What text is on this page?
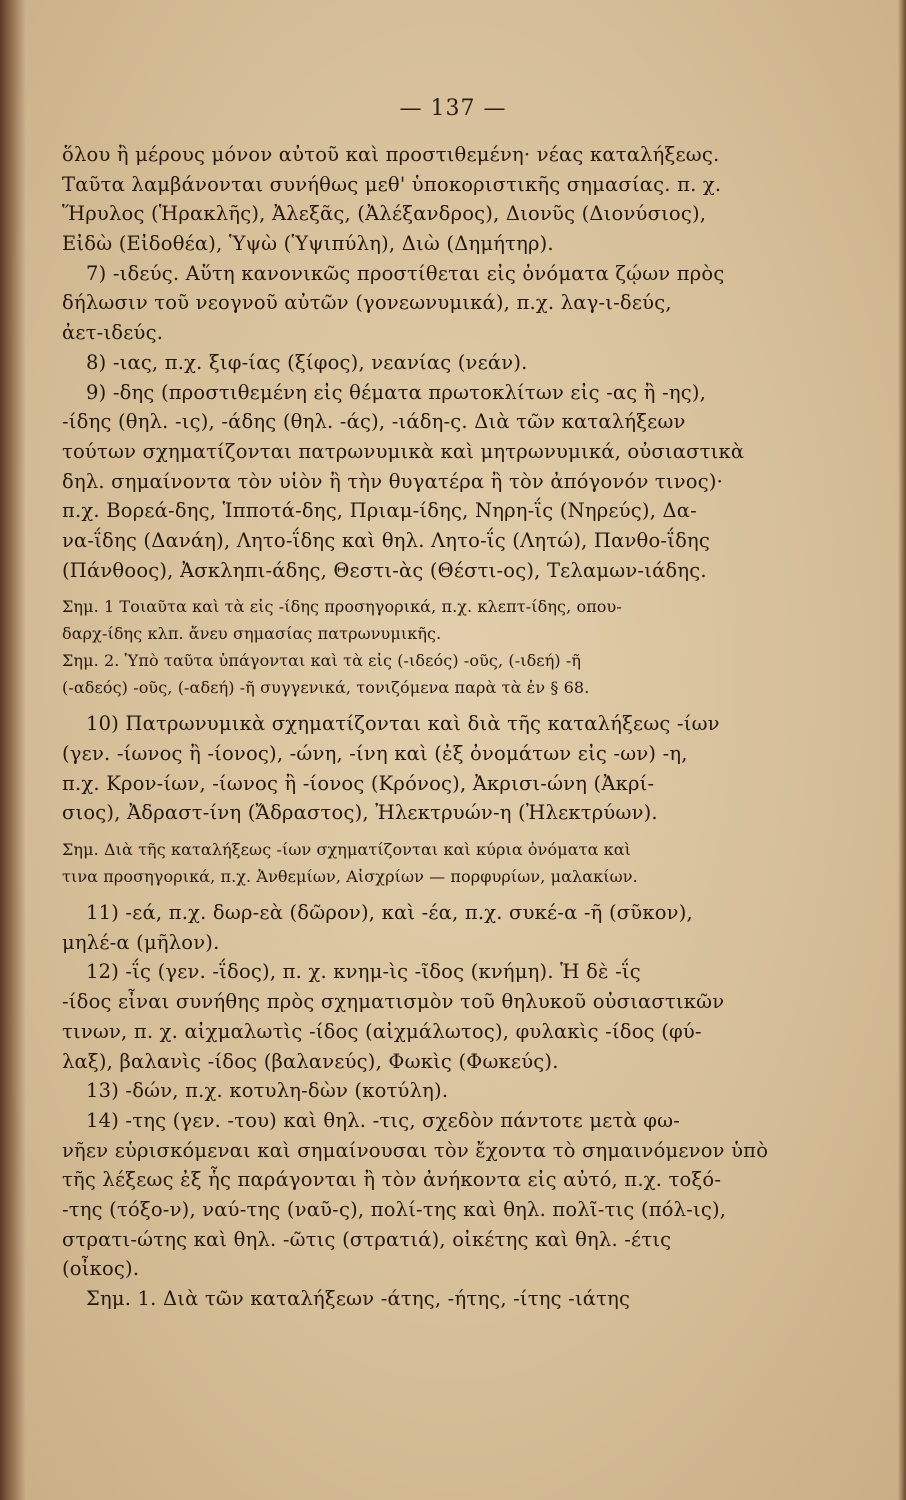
— 137 —
ὅλου ἢ μέρους μόνον αὐτοῦ καὶ προστιθεμένη· νέας καταλήξεως.
Ταῦτα λαμβάνονται συνήθως μεθ' ὑποκοριστικῆς σημασίας. π. χ.
Ἥρυλος (Ἡρακλῆς), Ἀλεξᾶς, (Ἀλέξανδρος), Διονῦς (Διονύσιος),
Εἰδὼ (Εἰδοθέα), Ὑψὼ (Ὑψιπύλη), Διὼ (Δημήτηρ).
7) -ιδεύς. Αὕτη κανονικῶς προστίθεται εἰς ὀνόματα ζῴων πρὸς
δήλωσιν τοῦ νεογνοῦ αὐτῶν (γονεωνυμικά), π.χ. λαγ-ι-δεύς,
ἀετ-ιδεύς.
8) -ιας, π.χ. ξιφ-ίας (ξίφος), νεανίας (νεάν).
9) -δης (προστιθεμένη εἰς θέματα πρωτοκλίτων εἰς -ας ἢ -ης),
-ίδης (θηλ. -ις), -άδης (θηλ. -άς), -ιάδη-ς. Διὰ τῶν καταλήξεων
τούτων σχηματίζονται πατρωνυμικὰ καὶ μητρωνυμικά, οὐσιαστικὰ
δηλ. σημαίνοντα τὸν υἱὸν ἢ τὴν θυγατέρα ἢ τὸν ἀπόγονόν τινος)·
π.χ. Βορεά-δης, Ἱπποτά-δης, Πριαμ-ίδης, Νηρη-ΐς (Νηρεύς), Δα-
να-ΐδης (Δανάη), Λητο-ΐδης καὶ θηλ. Λητο-ΐς (Λητώ), Πανθο-ΐδης
(Πάνθοος), Ἀσκληπι-άδης, Θεστι-ὰς (Θέστι-ος), Τελαμων-ιάδης.
Σημ. 1 Τοιαῦτα καὶ τὰ εἰς -ίδης προσηγορικά, π.χ. κλεπτ-ίδης, οπου-
δαρχ-ίδης κλπ. ἄνευ σημασίας πατρωνυμικῆς.
Σημ. 2. Ὑπὸ ταῦτα ὑπάγονται καὶ τὰ εἰς (-ιδεός) -οῦς, (-ιδεή) -ῆ
(-αδεός) -οῦς, (-αδεή) -ῆ συγγενικά, τονιζόμενα παρὰ τὰ ἐν § 68.
10) Πατρωνυμικὰ σχηματίζονται καὶ διὰ τῆς καταλήξεως -ίων
(γεν. -ίωνος ἢ -ίονος), -ώνη, -ίνη καὶ (ἐξ ὀνομάτων εἰς -ων) -η,
π.χ. Κρον-ίων, -ίωνος ἢ -ίονος (Κρόνος), Ἀκρισι-ώνη (Ἀκρί-
σιος), Ἀδραστ-ίνη (Ἄδραστος), Ἠλεκτρυών-η (Ἠλεκτρύων).
Σημ. Διὰ τῆς καταλήξεως -ίων σχηματίζονται καὶ κύρια ὀνόματα καὶ
τινα προσηγορικά, π.χ. Ἀνθεμίων, Αἰσχρίων — πορφυρίων, μαλακίων.
11) -εά, π.χ. δωρ-εὰ (δῶρον), καὶ -έα, π.χ. συκέ-α -ῆ (σῦκον),
μηλέ-α (μῆλον).
12) -ΐς (γεν. -ΐδος), π. χ. κνημ-ὶς -ῖδος (κνήμη). Ἡ δὲ -ΐς
-ίδος εἶναι συνήθης πρὸς σχηματισμὸν τοῦ θηλυκοῦ οὐσιαστικῶν
τινων, π. χ. αἰχμαλωτὶς -ίδος (αἰχμάλωτος), φυλακὶς -ίδος (φύ-
λαξ), βαλανὶς -ίδος (βαλανεύς), Φωκὶς (Φωκεύς).
13) -δών, π.χ. κοτυλη-δὼν (κοτύλη).
14) -της (γεν. -του) καὶ θηλ. -τις, σχεδὸν πάντοτε μετὰ φω-
νῆεν εὑρισκόμεναι καὶ σημαίνουσαι τὸν ἔχοντα τὸ σημαινόμενον ὑπὸ
τῆς λέξεως ἐξ ἧς παράγονται ἢ τὸν ἀνήκοντα εἰς αὐτό, π.χ. τοξό-
-της (τόξο-ν), ναύ-της (ναῦ-ς), πολί-της καὶ θηλ. πολῖ-τις (πόλ-ις),
στρατι-ώτης καὶ θηλ. -ῶτις (στρατιά), οἰκέτης καὶ θηλ. -έτις
(οἶκος).
Σημ. 1. Διὰ τῶν καταλήξεων -άτης, -ήτης, -ίτης -ιάτης
